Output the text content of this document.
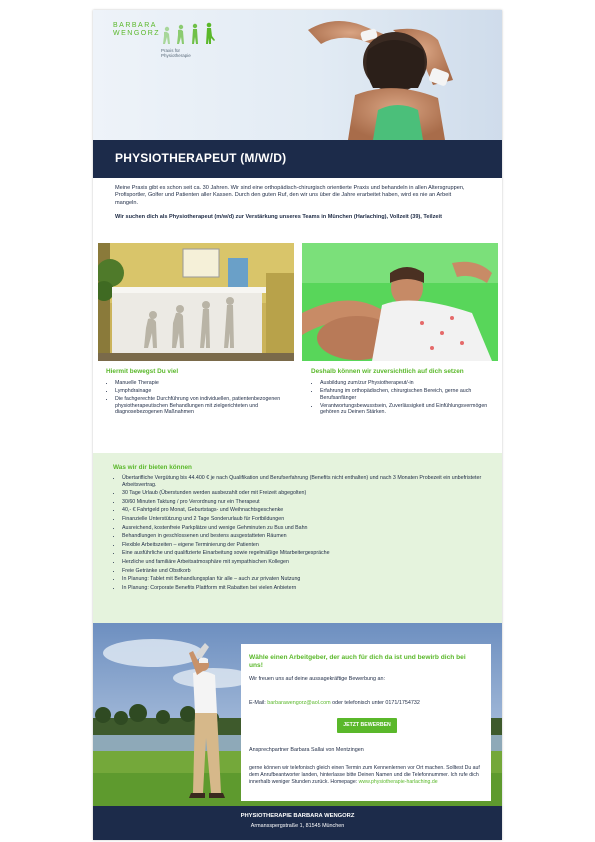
BARBARA
WENGORZ
Praxis für
Physiotherapie
PHYSIOTHERAPEUT (M/W/D)

Meine Praxis gibt es schon seit ca. 30 Jahren. Wir sind eine orthopädisch-chirurgisch orientierte Praxis und behandeln in allen Altersgruppen, Profisportler, Golfer und Patienten aller Kassen. Durch den guten Ruf, den wir uns über die Jahre erarbeitet haben, wird es nie an Arbeit mangeln.

Wir suchen dich als Physiotherapeut (m/w/d) zur Verstärkung unseres Teams in München (Harlaching), Vollzeit (39), Teilzeit

Hiermit bewegst Du viel
• Manuelle Therapie
• Lymphdrainage
• Die fachgerechte Durchführung von individuellen, patientenbezogenen physiotherapeutischen Behandlungen mit zielgerichteten und diagnosebezogenen Maßnahmen
Deshalb können wir zuversichtlich auf dich setzen
• Ausbildung zum/zur Physiotherapeut/-in
• Erfahrung im orthopädischen, chirurgischen Bereich, gerne auch Berufsanfänger
• Verantwortungsbewusstsein, Zuverlässigkeit und Einfühlungsvermögen gehören zu Deinen Stärken.
Was wir dir bieten können
• Übertarifliche Vergütung bis 44.400 € je nach Qualifikation und Berufserfahrung (Benefits nicht enthalten) und nach 3 Monaten Probezeit ein unbefristeter Arbeitsvertrag.
• 30 Tage Urlaub (Überstunden werden ausbezahlt oder mit Freizeit abgegolten)
• 30/60 Minuten Taktung / pro Verordnung nur ein Therapeut
• 40,- € Fahrtgeld pro Monat, Geburtstags- und Weihnachtsgeschenke
• Finanzielle Unterstützung und 2 Tage Sonderurlaub für Fortbildungen
• Ausreichend, kostenfreie Parkplätze und wenige Gehminuten zu Bus und Bahn
• Behandlungen in geschlossenen und bestens ausgestatteten Räumen
• Flexible Arbeitszeiten – eigene Terminierung der Patienten
• Eine ausführliche und qualifizierte Einarbeitung sowie regelmäßige Mitarbeitergespräche
• Herzliche und familiäre Arbeitsatmosphäre mit sympathischen Kollegen
• Freie Getränke und Obstkorb
• In Planung: Tablet mit Behandlungsplan für alle – auch zur privaten Nutzung
• In Planung: Corporate Benefits Plattform mit Rabatten bei vielen Anbietern
Wähle einen Arbeitgeber, der auch für dich da ist und bewirb dich bei uns!
Wir freuen uns auf deine aussagekräftige Bewerbung an:
E-Mail: barbarawengorz@aol.com oder telefonisch unter 0171/1754732
JETZT BEWERBEN
Ansprechpartner Barbara Sallai von Mentzingen
gerne können wir telefonisch gleich einen Termin zum Kennenlernen vor Ort machen. Solltest Du auf dem Anrufbeantworter landen, hinterlasse bitte Deinen Namen und die Telefonnummer. Ich rufe dich innerhalb weniger Stunden zurück. Homepage: www.physiotherapie-harlaching.de
PHYSIOTHERAPIE BARBARA WENGORZ
Armansspergstraße 1, 81545 München
